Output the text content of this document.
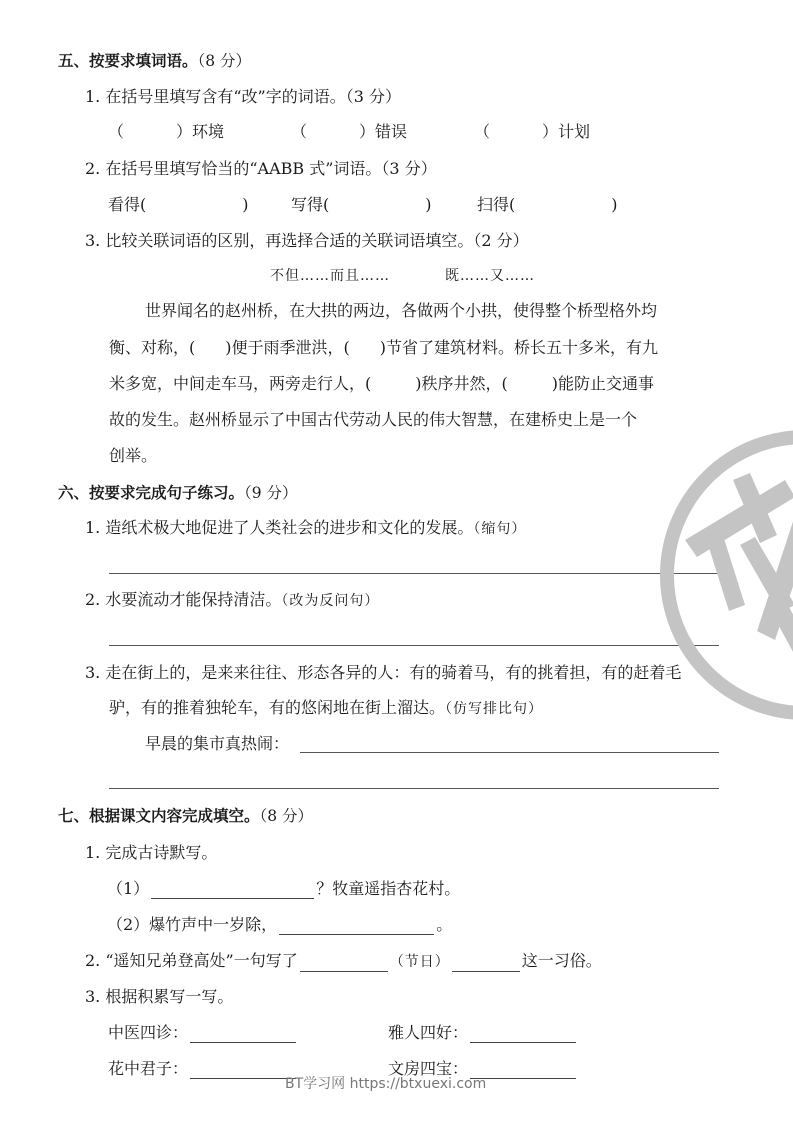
五、按要求填词语。（8 分）
1. 在括号里填写含有“改”字的词语。（3 分）
（	）环境	（	）错误	（	）计划
2. 在括号里填写恰当的“AABB 式”词语。（3 分）
看得(	)	写得(	)	扫得(	)
3. 比较关联词语的区别，再选择合适的关联词语填空。（2 分）
不但……而且……	既……又……
世界闻名的赵州桥，在大拱的两边，各做两个小拱，使得整个桥型格外均
衡、对称，( )便于雨季泄洪，( )节省了建筑材料。桥长五十多米，有九
米多宽，中间走车马，两旁走行人，(	)秩序井然，(	)能防止交通事
故的发生。赵州桥显示了中国古代劳动人民的伟大智慧，在建桥史上是一个
创举。
六、按要求完成句子练习。（9 分）
1. 造纸术极大地促进了人类社会的进步和文化的发展。（缩句）
2. 水要流动才能保持清洁。（改为反问句）
3. 走在街上的，是来来往往、形态各异的人：有的骑着马，有的挑着担，有的赶着毛
驴，有的推着独轮车，有的悠闲地在街上溜达。（仿写排比句）
早晨的集市真热闹：
七、根据课文内容完成填空。（8 分）
1. 完成古诗默写。
（1）	？牧童遥指杏花村。
（2）爆竹声中一岁除，	。
2. “遥知兄弟登高处”一句写了	（节日）	这一习俗。
3. 根据积累写一写。
中医四诊：	雅人四好：
花中君子：	文房四宝：
BT学习网 https://btxuexi.com
